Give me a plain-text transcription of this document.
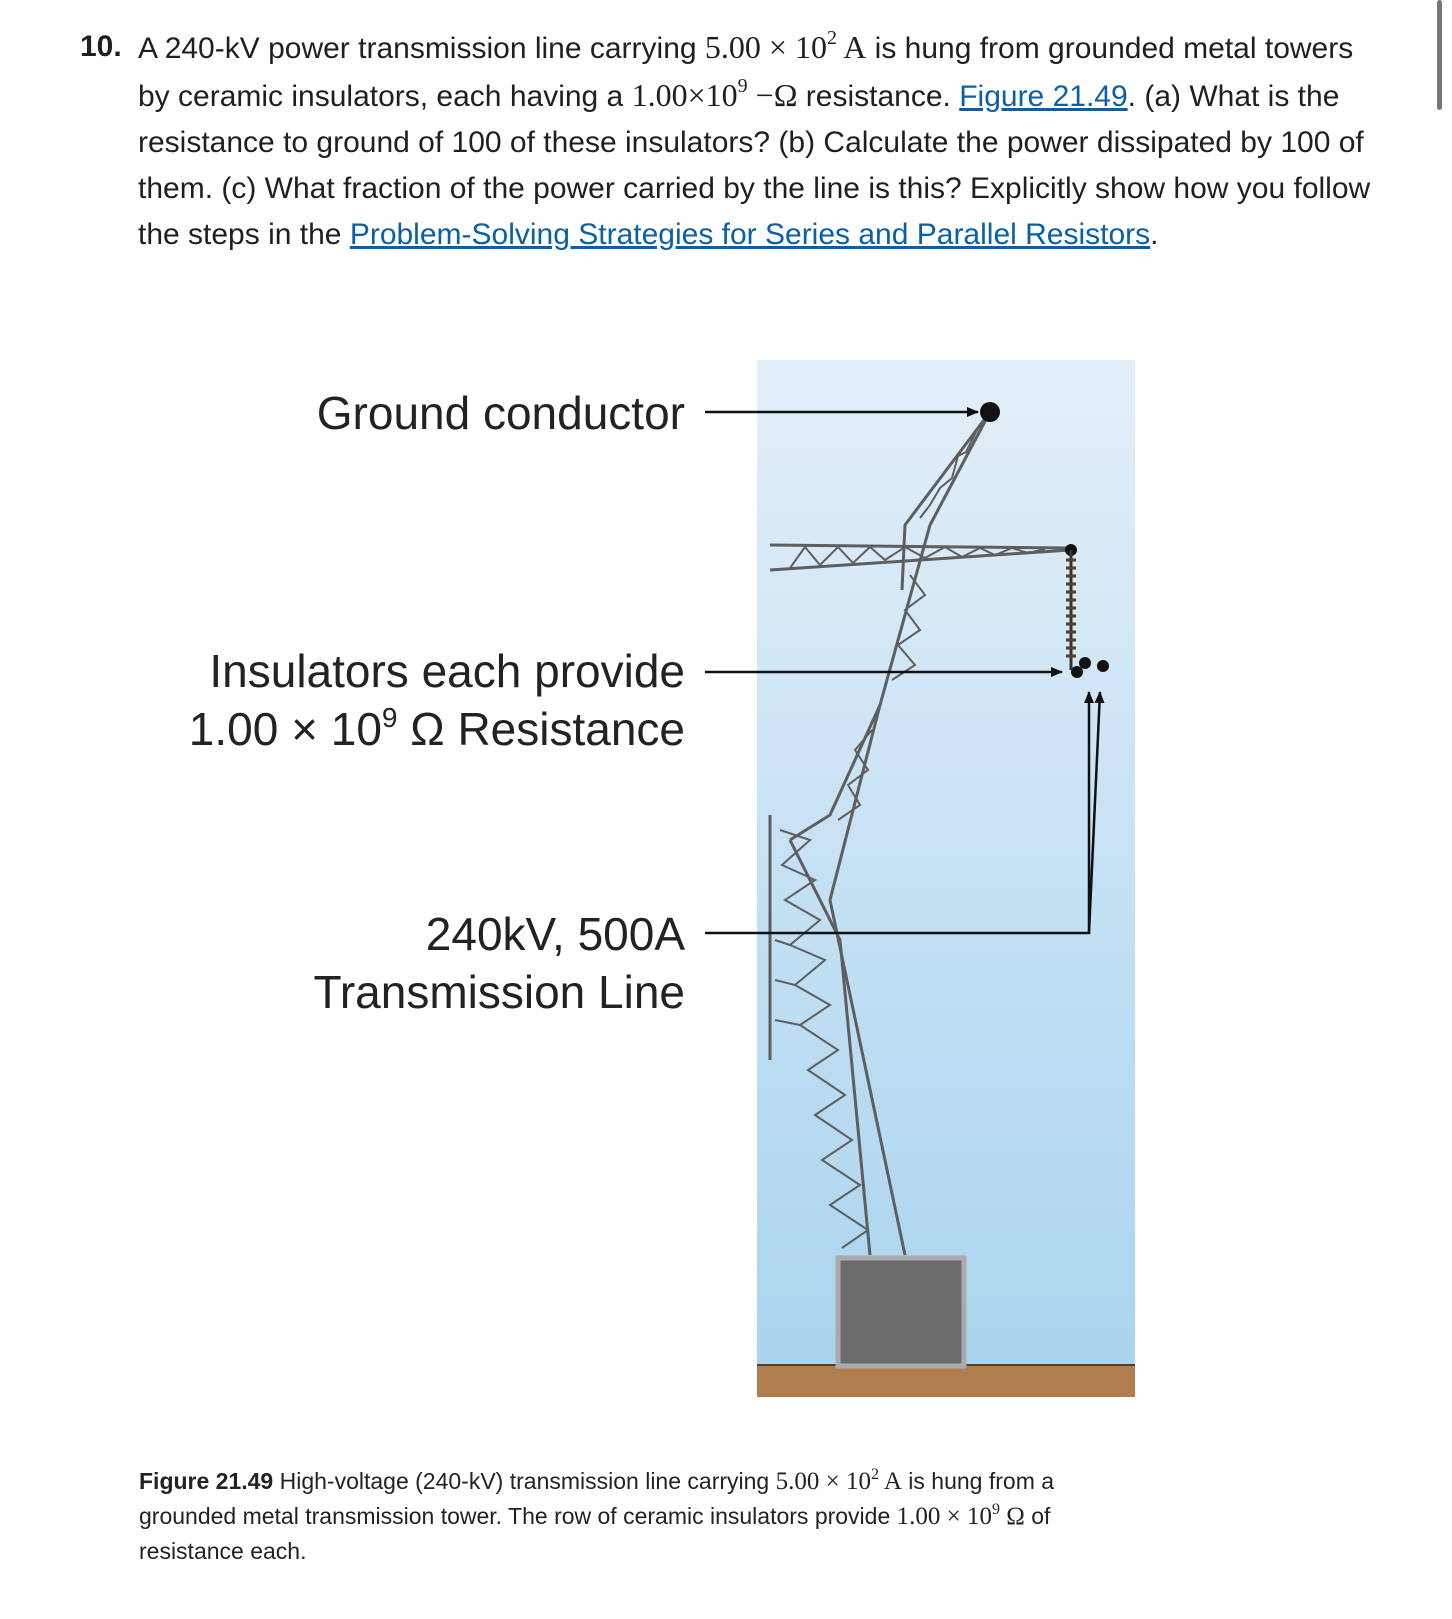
10. A 240-kV power transmission line carrying $5.00 \times 10^2$ A is hung from grounded metal towers by ceramic insulators, each having a $1.00\times 10^9 -\Omega$ resistance. Figure 21.49. (a) What is the resistance to ground of 100 of these insulators? (b) Calculate the power dissipated by 100 of them. (c) What fraction of the power carried by the line is this? Explicitly show how you follow the steps in the Problem-Solving Strategies for Series and Parallel Resistors.
Ground conductor
Insulators each provide
$1.00 \times 10^9$ Ω Resistance
240kV, 500A
Transmission Line
Figure 21.49 High-voltage (240-kV) transmission line carrying $5.00 \times 10^2$ A is hung from a grounded metal transmission tower. The row of ceramic insulators provide $1.00 \times 10^9$ Ω of resistance each.
